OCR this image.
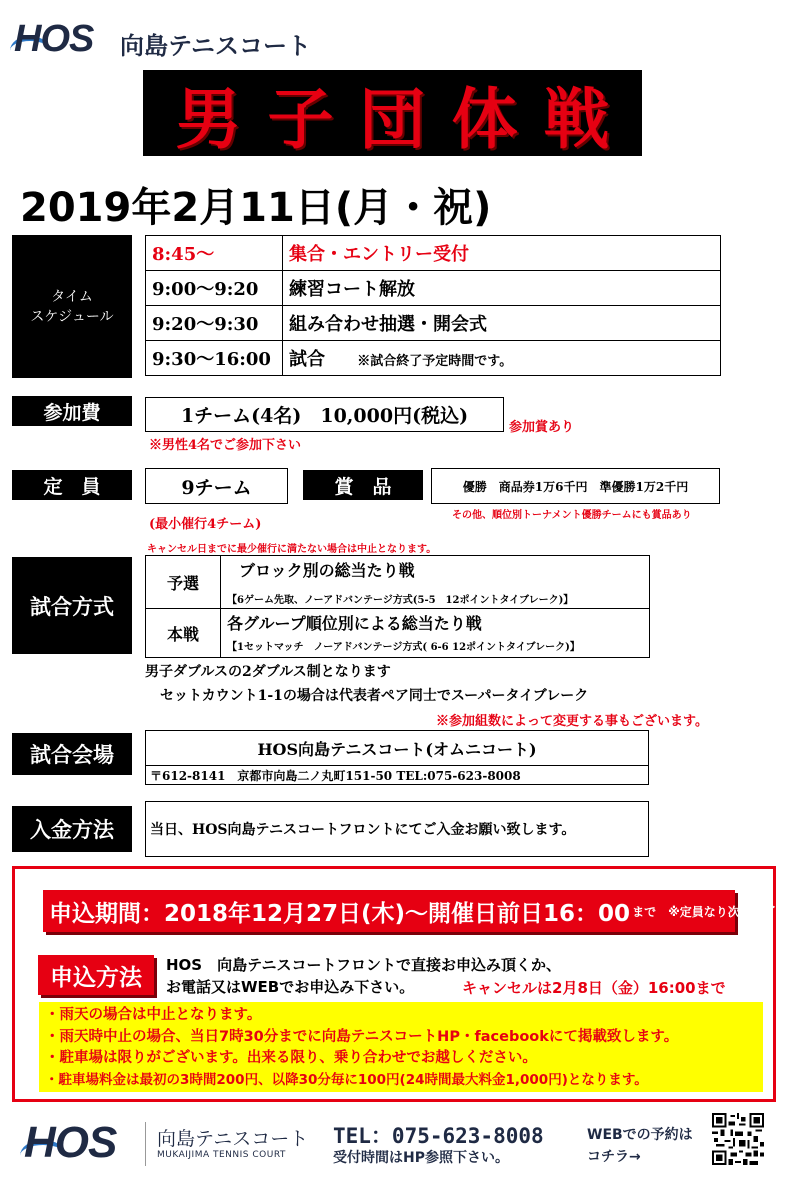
HOS 向島テニスコート
男子団体戦
2019年2月11日(月・祝)
タイム
スケジュール
8:45～	集合・エントリー受付
9:00～9:20	練習コート解放
9:20～9:30	組み合わせ抽選・開会式
9:30～16:00	試合 ※試合終了予定時間です。
参加費	1チーム(4名)　10,000円(税込)
参加賞あり
※男性4名でご参加下さい
定　員	9チーム
(最小催行4チーム)
キャンセル日までに最少催行に満たない場合は中止となります。
賞　品	優勝　商品券1万6千円　準優勝1万2千円
その他、順位別トーナメント優勝チームにも賞品あり
試合方式
予選	ブロック別の総当たり戦
【6ゲーム先取、ノーアドバンテージ方式(5-5　12ポイントタイブレーク)】

本戦	各グループ順位別による総当たり戦
【1セットマッチ　ノーアドバンテージ方式( 6-6 12ポイントタイブレーク)】
男子ダブルスの2ダブルス制となります
セットカウント1-1の場合は代表者ペア同士でスーパータイブレーク
※参加組数によって変更する事もございます。
試合会場	HOS向島テニスコート(オムニコート)
〒612-8141　京都市向島二ノ丸町151-50 TEL:075-623-8008
入金方法	当日、HOS向島テニスコートフロントにてご入金お願い致します。
申込期間：2018年12月27日(木)～開催日前日16：00 まで ※定員なり次第終了です。
申込方法	HOS　向島テニスコートフロントで直接お申込み頂くか、
お電話又はWEBでお申込み下さい。	キャンセルは2月8日（金）16:00まで
・雨天の場合は中止となります。
・雨天時中止の場合、当日7時30分までに向島テニスコートHP・facebookにて掲載致します。
・駐車場は限りがございます。出来る限り、乗り合わせでお越しください。
・駐車場料金は最初の3時間200円、以降30分毎に100円(24時間最大料金1,000円)となります。
HOS 向島テニスコート
MUKAIJIMA TENNIS COURT
TEL：075-623-8008
受付時間はHP参照下さい。
WEBでの予約は
コチラ→
